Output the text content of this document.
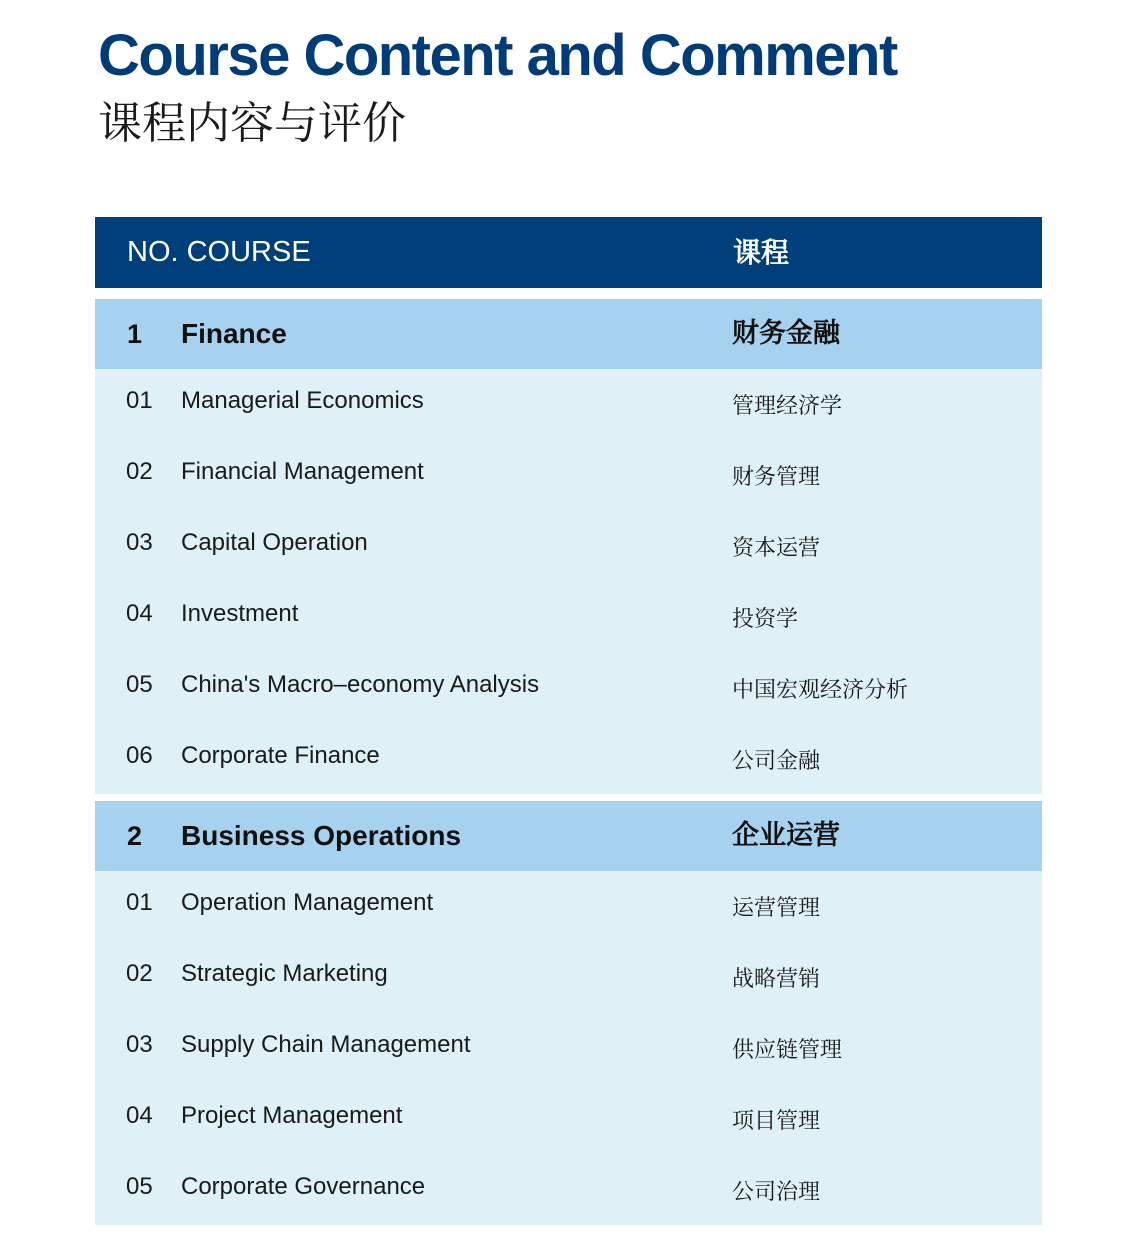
Course Content and Comment
课程内容与评价
NO. COURSE	课程
1 Finance	财务金融
01 Managerial Economics	管理经济学
02 Financial Management	财务管理
03 Capital Operation	资本运营
04 Investment	投资学
05 China's Macro–economy Analysis	中国宏观经济分析
06 Corporate Finance	公司金融
2 Business Operations	企业运营
01 Operation Management	运营管理
02 Strategic Marketing	战略营销
03 Supply Chain Management	供应链管理
04 Project Management	项目管理
05 Corporate Governance	公司治理
